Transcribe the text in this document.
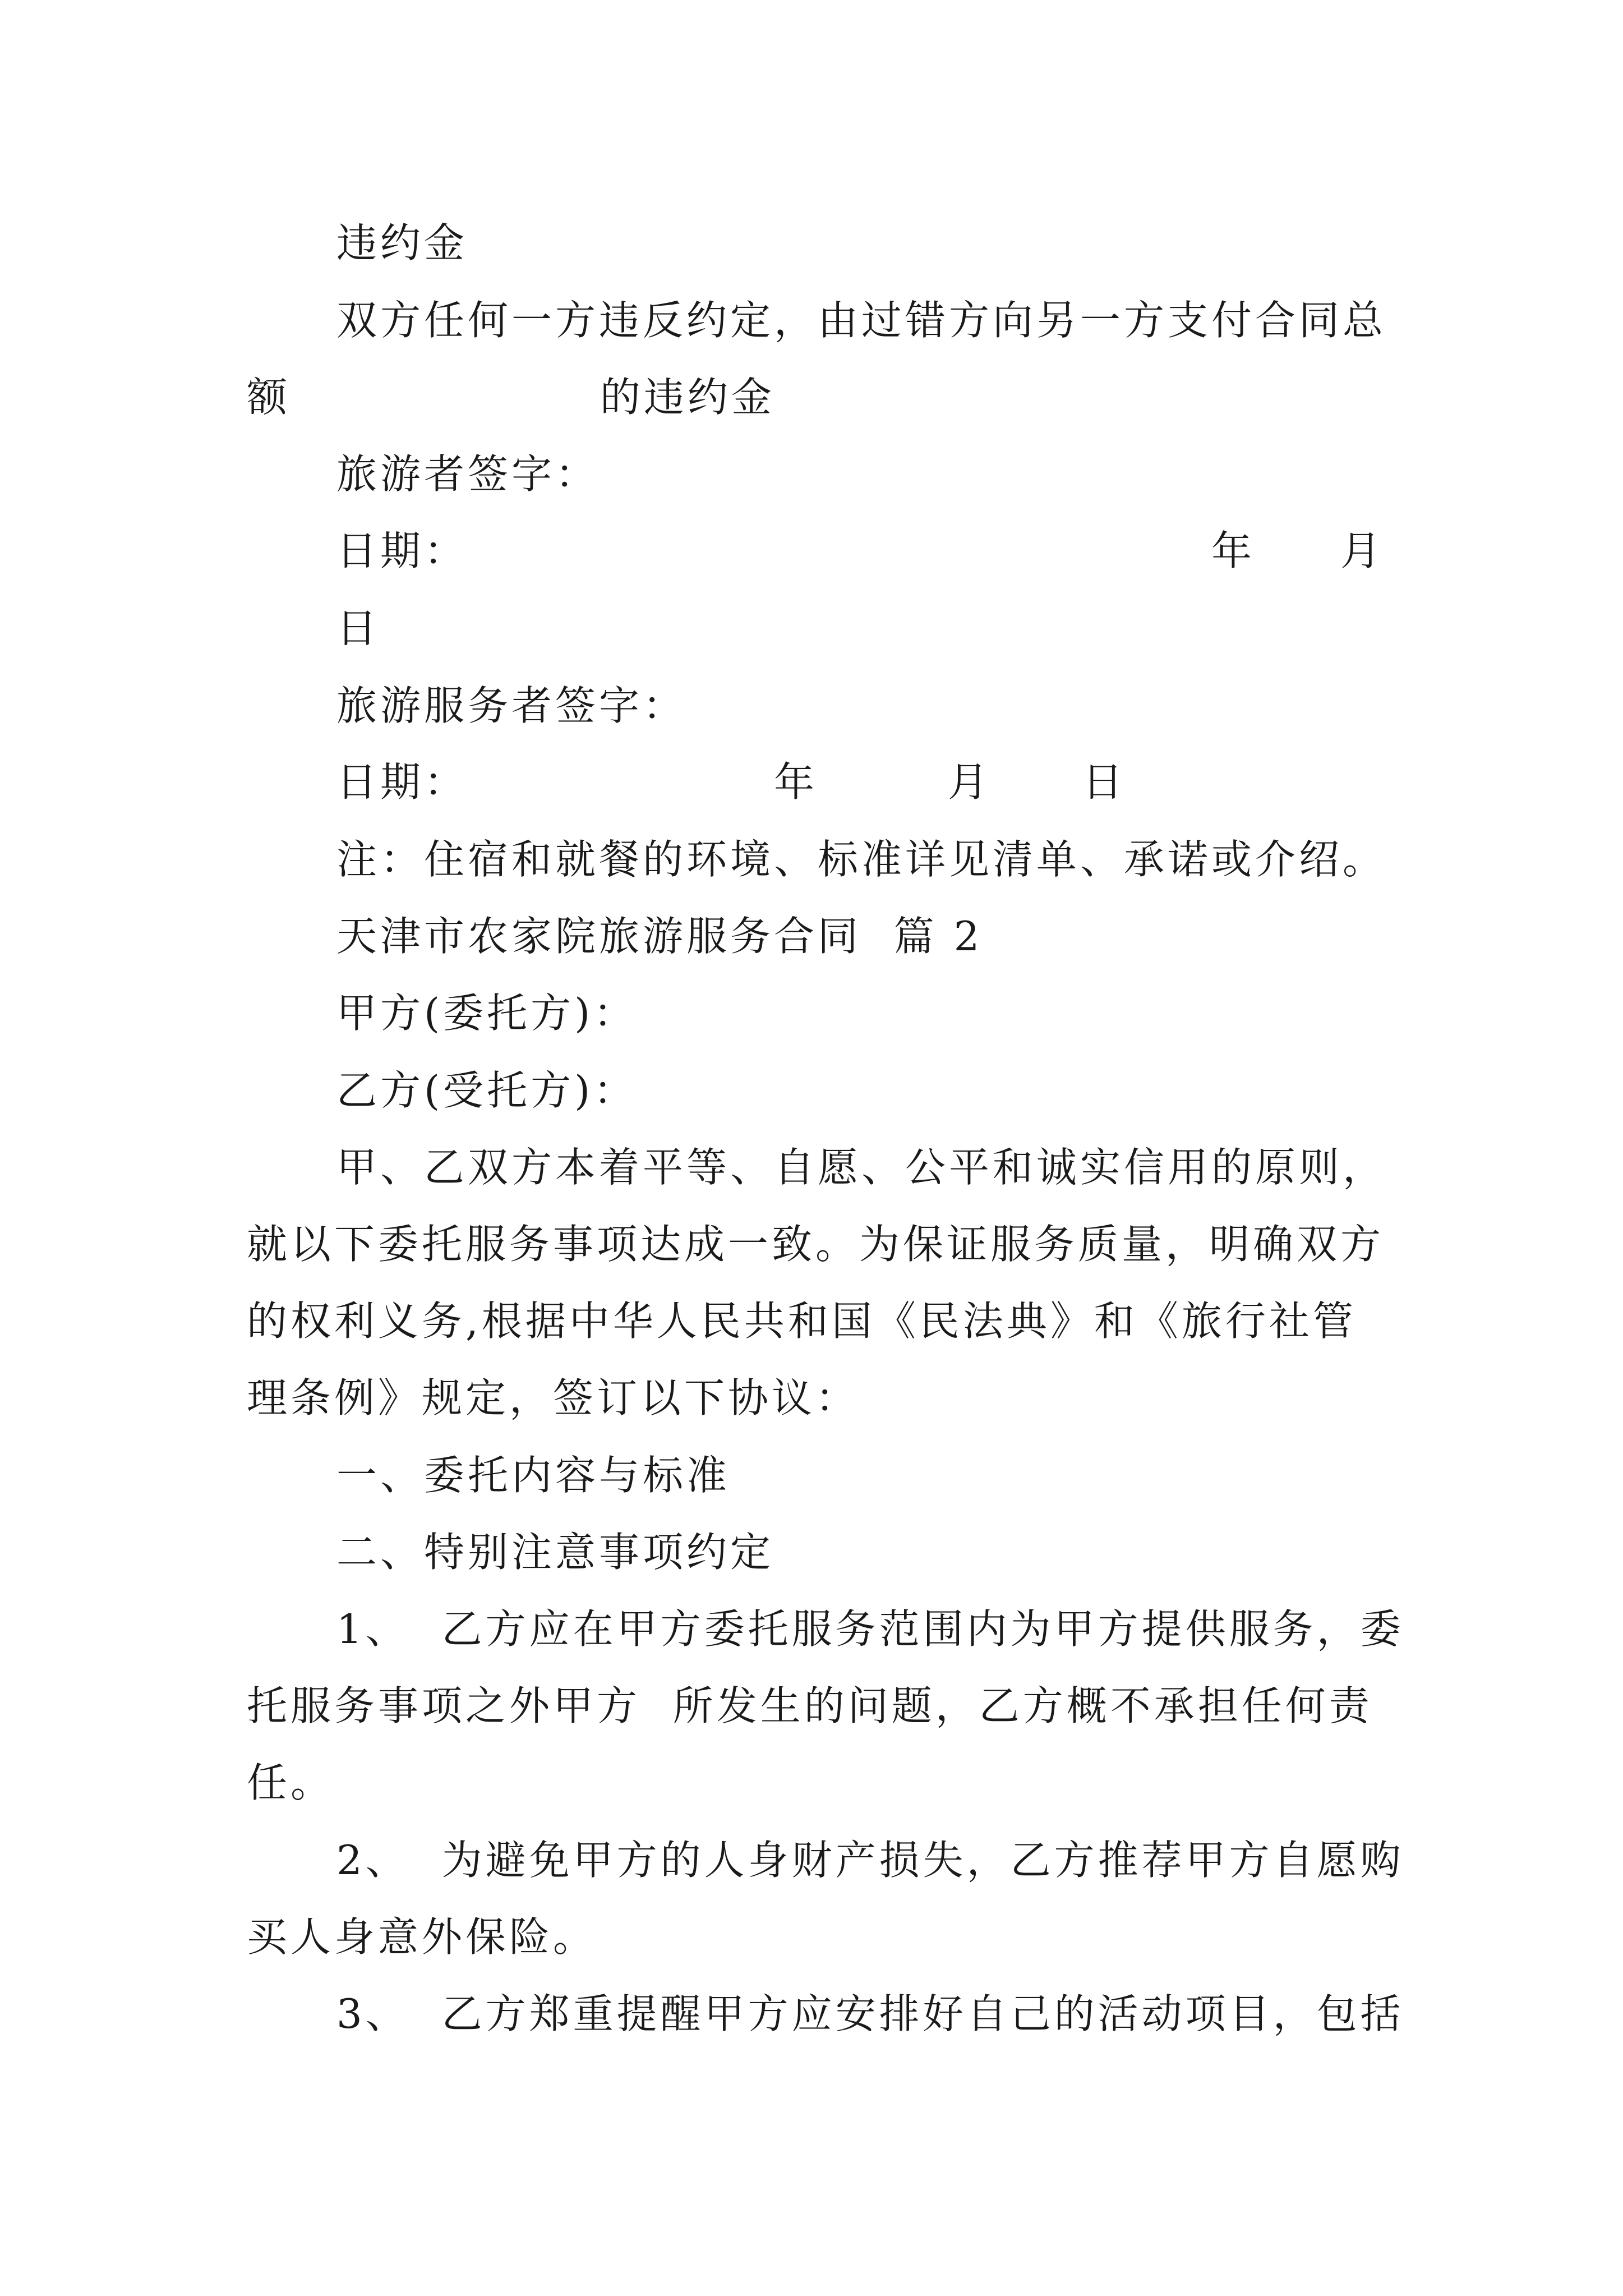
违约金

双方任何一方违反约定，由过错方向另一方支付合同总

额	的违约金

旅游者签字：

日期：	年 月

日

旅游服务者签字：

日期：	年	月 日

注：住宿和就餐的环境、标准详见清单、承诺或介绍。

天津市农家院旅游服务合同  篇 2

甲方(委托方)：

乙方(受托方)：

甲、乙双方本着平等、自愿、公平和诚实信用的原则，

就以下委托服务事项达成一致。为保证服务质量，明确双方

的权利义务,根据中华人民共和国《民法典》和《旅行社管

理条例》规定，签订以下协议：

一、委托内容与标准

二、特别注意事项约定

1、  乙方应在甲方委托服务范围内为甲方提供服务，委

托服务事项之外甲方  所发生的问题，乙方概不承担任何责

任。

2、  为避免甲方的人身财产损失，乙方推荐甲方自愿购

买人身意外保险。

3、  乙方郑重提醒甲方应安排好自己的活动项目，包括
